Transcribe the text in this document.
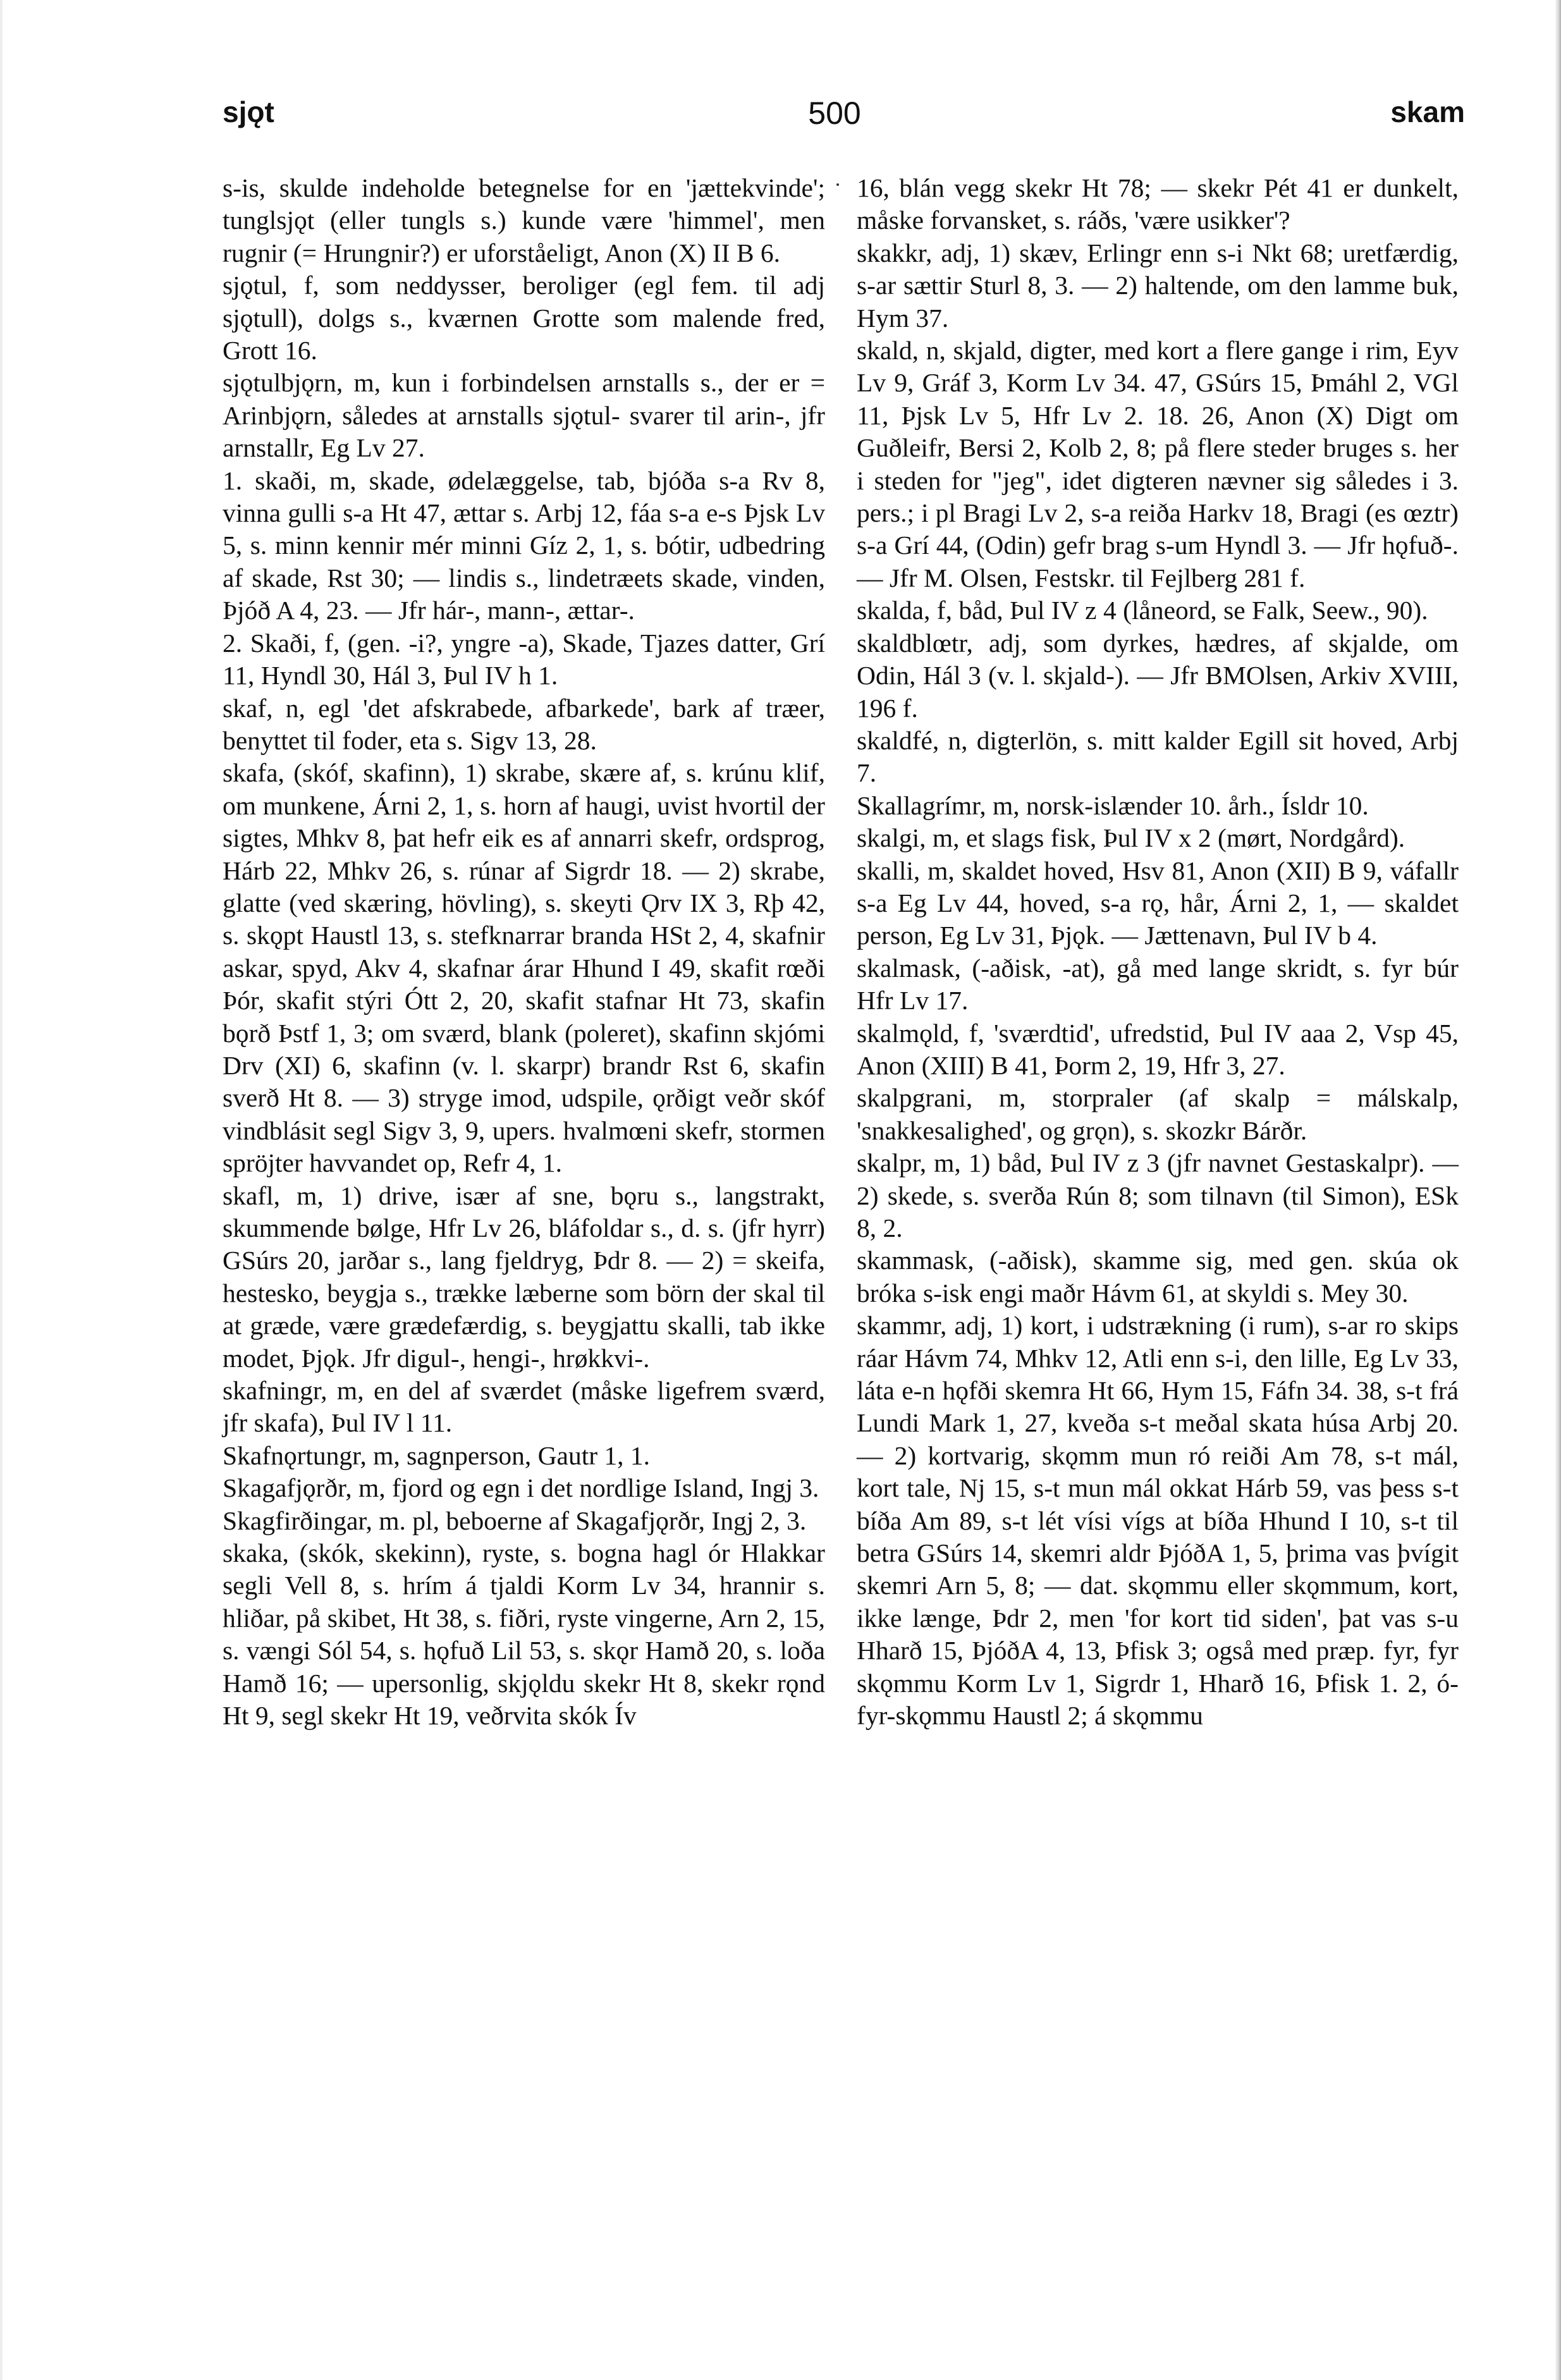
sjǫt	500	skam

s-is, skulde indeholde betegnelse for en 'jættekvinde'; tunglsjǫt (eller tungls s.) kunde være 'himmel', men rugnir (= Hrungnir?) er uforståeligt, Anon (X) II B 6.

sjǫtul, f, som neddysser, beroliger (egl fem. til adj sjǫtull), dolgs s., kværnen Grotte som malende fred, Grott 16.

sjǫtulbjǫrn, m, kun i forbindelsen arnstalls s., der er = Arinbjǫrn, således at arnstalls sjǫtul- svarer til arin-, jfr arnstallr, Eg Lv 27.

1. skaði, m, skade, ødelæggelse, tab, bjóða s-a Rv 8, vinna gulli s-a Ht 47, ættar s. Arbj 12, fáa s-a e-s Þjsk Lv 5, s. minn kennir mér minni Gíz 2, 1, s. bótir, udbedring af skade, Rst 30; — lindis s., lindetræets skade, vinden, Þjóð A 4, 23. — Jfr hár-, mann-, ættar-.

2. Skaði, f, (gen. -i?, yngre -a), Skade, Tjazes datter, Grí 11, Hyndl 30, Hál 3, Þul IV h 1.

skaf, n, egl 'det afskrabede, afbarkede', bark af træer, benyttet til foder, eta s. Sigv 13, 28.

skafa, (skóf, skafinn), 1) skrabe, skære af, s. krúnu klif, om munkene, Árni 2, 1, s. horn af haugi, uvist hvortil der sigtes, Mhkv 8, þat hefr eik es af annarri skefr, ordsprog, Hárb 22, Mhkv 26, s. rúnar af Sigrdr 18. — 2) skrabe, glatte (ved skæring, hövling), s. skeyti Ǫrv IX 3, Rþ 42, s. skǫpt Haustl 13, s. stefknarrar branda HSt 2, 4, skafnir askar, spyd, Akv 4, skafnar árar Hhund I 49, skafit rœði Þór, skafit stýri Ótt 2, 20, skafit stafnar Ht 73, skafin bǫrð Þstf 1, 3; om sværd, blank (poleret), skafinn skjómi Drv (XI) 6, skafinn (v. l. skarpr) brandr Rst 6, skafin sverð Ht 8. — 3) stryge imod, udspile, ǫrðigt veðr skóf vindblásit segl Sigv 3, 9, upers. hvalmœni skefr, stormen spröjter havvandet op, Refr 4, 1.

skafl, m, 1) drive, især af sne, bǫru s., langstrakt, skummende bølge, Hfr Lv 26, bláfoldar s., d. s. (jfr hyrr) GSúrs 20, jarðar s., lang fjeldryg, Þdr 8. — 2) = skeifa, hestesko, beygja s., trække læberne som börn der skal til at græde, være grædefærdig, s. beygjattu skalli, tab ikke modet, Þjǫk. Jfr digul-, hengi-, hrøkkvi-.

skafningr, m, en del af sværdet (måske ligefrem sværd, jfr skafa), Þul IV l 11.

Skafnǫrtungr, m, sagnperson, Gautr 1, 1.

Skagafjǫrðr, m, fjord og egn i det nordlige Island, Ingj 3.

Skagfirðingar, m. pl, beboerne af Skagafjǫrðr, Ingj 2, 3.

skaka, (skók, skekinn), ryste, s. bogna hagl ór Hlakkar segli Vell 8, s. hrím á tjaldi Korm Lv 34, hrannir s. hliðar, på skibet, Ht 38, s. fiðri, ryste vingerne, Arn 2, 15, s. vængi Sól 54, s. hǫfuð Lil 53, s. skǫr Hamð 20, s. loða Hamð 16; — upersonlig, skjǫldu skekr Ht 8, skekr rǫnd Ht 9, segl skekr Ht 19, veðrvita skók Ív

16, blán vegg skekr Ht 78; — skekr Pét 41 er dunkelt, måske forvansket, s. ráðs, 'være usikker'?

skakkr, adj, 1) skæv, Erlingr enn s-i Nkt 68; uretfærdig, s-ar sættir Sturl 8, 3. — 2) haltende, om den lamme buk, Hym 37.

skald, n, skjald, digter, med kort a flere gange i rim, Eyv Lv 9, Gráf 3, Korm Lv 34. 47, GSúrs 15, Þmáhl 2, VGl 11, Þjsk Lv 5, Hfr Lv 2. 18. 26, Anon (X) Digt om Guðleifr, Bersi 2, Kolb 2, 8; på flere steder bruges s. her i steden for "jeg", idet digteren nævner sig således i 3. pers.; i pl Bragi Lv 2, s-a reiða Harkv 18, Bragi (es œztr) s-a Grí 44, (Odin) gefr brag s-um Hyndl 3. — Jfr hǫfuð-. — Jfr M. Olsen, Festskr. til Fejlberg 281 f.

skalda, f, båd, Þul IV z 4 (låneord, se Falk, Seew., 90).

skaldblœtr, adj, som dyrkes, hædres, af skjalde, om Odin, Hál 3 (v. l. skjald-). — Jfr BMOlsen, Arkiv XVIII, 196 f.

skaldfé, n, digterlön, s. mitt kalder Egill sit hoved, Arbj 7.

Skallagrímr, m, norsk-islænder 10. årh., Ísldr 10.

skalgi, m, et slags fisk, Þul IV x 2 (mørt, Nordgård).

skalli, m, skaldet hoved, Hsv 81, Anon (XII) B 9, váfallr s-a Eg Lv 44, hoved, s-a rǫ, hår, Árni 2, 1, — skaldet person, Eg Lv 31, Þjǫk. — Jættenavn, Þul IV b 4.

skalmask, (-aðisk, -at), gå med lange skridt, s. fyr búr Hfr Lv 17.

skalmǫld, f, 'sværdtid', ufredstid, Þul IV aaa 2, Vsp 45, Anon (XIII) B 41, Þorm 2, 19, Hfr 3, 27.

skalpgrani, m, storpraler (af skalp = málskalp, 'snakkesalighed', og grǫn), s. skozkr Bárðr.

skalpr, m, 1) båd, Þul IV z 3 (jfr navnet Gestaskalpr). — 2) skede, s. sverða Rún 8; som tilnavn (til Simon), ESk 8, 2.

skammask, (-aðisk), skamme sig, med gen. skúa ok bróka s-isk engi maðr Hávm 61, at skyldi s. Mey 30.

skammr, adj, 1) kort, i udstrækning (i rum), s-ar ro skips ráar Hávm 74, Mhkv 12, Atli enn s-i, den lille, Eg Lv 33, láta e-n hǫfði skemra Ht 66, Hym 15, Fáfn 34. 38, s-t frá Lundi Mark 1, 27, kveða s-t meðal skata húsa Arbj 20. — 2) kortvarig, skǫmm mun ró reiði Am 78, s-t mál, kort tale, Nj 15, s-t mun mál okkat Hárb 59, vas þess s-t bíða Am 89, s-t lét vísi vígs at bíða Hhund I 10, s-t til betra GSúrs 14, skemri aldr ÞjóðA 1, 5, þrima vas þvígit skemri Arn 5, 8; — dat. skǫmmu eller skǫmmum, kort, ikke længe, Þdr 2, men 'for kort tid siden', þat vas s-u Hharð 15, ÞjóðA 4, 13, Þfisk 3; også med præp. fyr, fyr skǫmmu Korm Lv 1, Sigrdr 1, Hharð 16, Þfisk 1. 2, ó-fyr-skǫmmu Haustl 2; á skǫmmu
